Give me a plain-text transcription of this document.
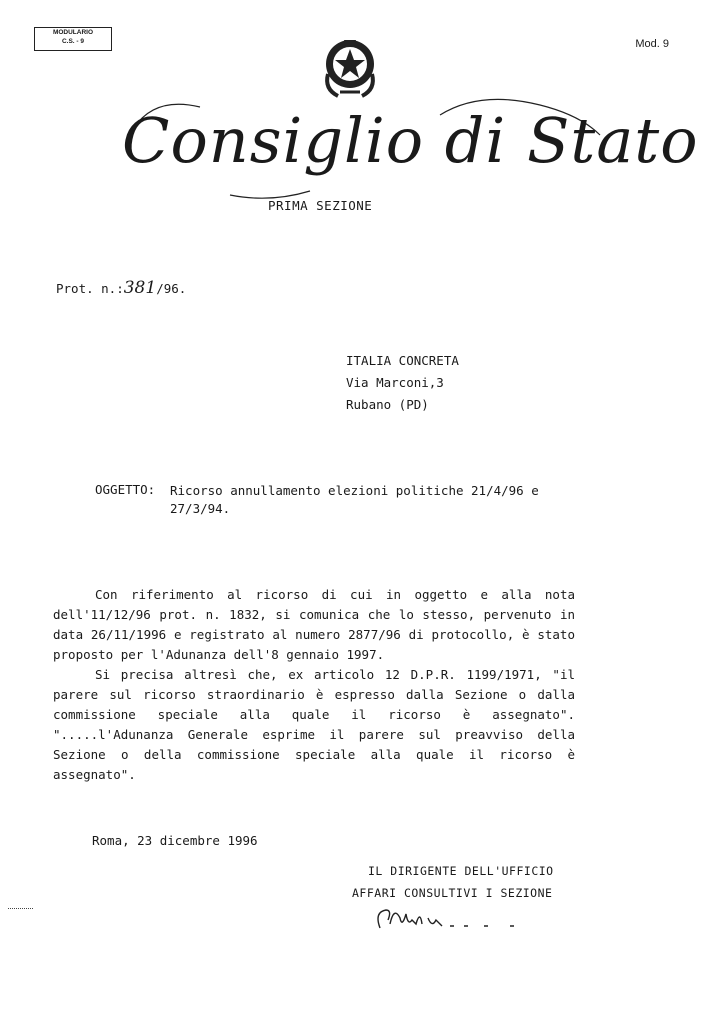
MODULARIO
C.S. - 9	Mod. 9
Consiglio di Stato
PRIMA SEZIONE
Prot. n.:381/96.
ITALIA CONCRETA
Via Marconi,3
Rubano (PD)
OGGETTO: Ricorso annullamento elezioni politiche 21/4/96 e 27/3/94.

Con riferimento al ricorso di cui in oggetto e alla nota dell'11/12/96 prot. n. 1832, si comunica che lo stesso, pervenuto in data 26/11/1996 e registrato al numero 2877/96 di protocollo, è stato proposto per l'Adunanza dell'8 gennaio 1997.

Si precisa altresì che, ex articolo 12 D.P.R. 1199/1971, "il parere sul ricorso straordinario è espresso dalla Sezione o dalla commissione speciale alla quale il ricorso è assegnato". ".....l'Adunanza Generale esprime il parere sul preavviso della Sezione o della commissione speciale alla quale il ricorso è assegnato".

Roma, 23 dicembre 1996
IL DIRIGENTE DELL'UFFICIO
AFFARI CONSULTIVI I SEZIONE
